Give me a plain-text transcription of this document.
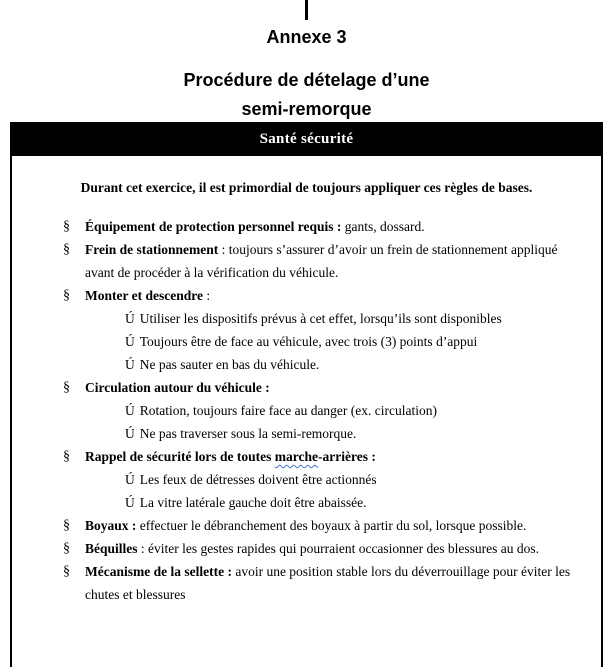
Annexe 3
Procédure de dételage d’une
semi-remorque
Santé sécurité
Durant cet exercice, il est primordial de toujours appliquer ces règles de bases.
§ Équipement de protection personnel requis : gants, dossard.
§ Frein de stationnement : toujours s’assurer d’avoir un frein de stationnement appliqué avant de procéder à la vérification du véhicule.
§ Monter et descendre :
Ú Utiliser les dispositifs prévus à cet effet, lorsqu’ils sont disponibles
Ú Toujours être de face au véhicule, avec trois (3) points d’appui
Ú Ne pas sauter en bas du véhicule.
§ Circulation autour du véhicule :
Ú Rotation, toujours faire face au danger (ex. circulation)
Ú Ne pas traverser sous la semi-remorque.
§ Rappel de sécurité lors de toutes marche-arrières :
Ú Les feux de détresses doivent être actionnés
Ú La vitre latérale gauche doit être abaissée.
§ Boyaux : effectuer le débranchement des boyaux à partir du sol, lorsque possible.
§ Béquilles : éviter les gestes rapides qui pourraient occasionner des blessures au dos.
§ Mécanisme de la sellette : avoir une position stable lors du déverrouillage pour éviter les chutes et blessures
